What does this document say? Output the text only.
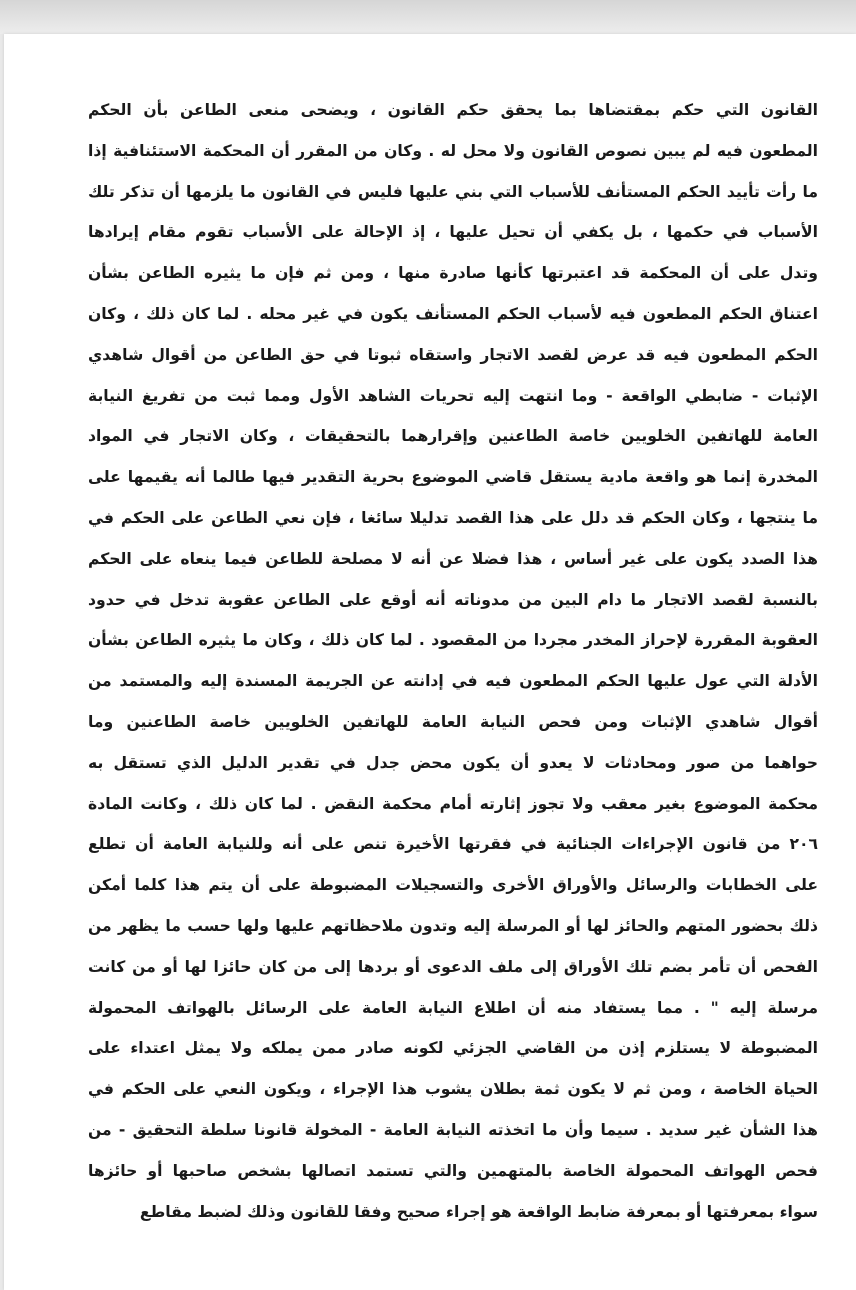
القانون التي حكم بمقتضاها بما يحقق حكم القانون ، ويضحى منعى الطاعن بأن الحكم
المطعون فيه لم يبين نصوص القانون ولا محل له . وكان من المقرر أن المحكمة الاستئنافية إذا
ما رأت تأييد الحكم المستأنف للأسباب التي بني عليها فليس في القانون ما يلزمها أن تذكر تلك
الأسباب في حكمها ، بل يكفي أن تحيل عليها ، إذ الإحالة على الأسباب تقوم مقام إيرادها
وتدل على أن المحكمة قد اعتبرتها كأنها صادرة منها ، ومن ثم فإن ما يثيره الطاعن بشأن
اعتناق الحكم المطعون فيه لأسباب الحكم المستأنف يكون في غير محله . لما كان ذلك ، وكان
الحكم المطعون فيه قد عرض لقصد الاتجار واستقاه ثبوتا في حق الطاعن من أقوال شاهدي
الإثبات - ضابطي الواقعة - وما انتهت إليه تحريات الشاهد الأول ومما ثبت من تفريغ النيابة
العامة للهاتفين الخلويين خاصة الطاعنين وإقرارهما بالتحقيقات ، وكان الاتجار في المواد
المخدرة إنما هو واقعة مادية يستقل قاضي الموضوع بحرية التقدير فيها طالما أنه يقيمها على
ما ينتجها ، وكان الحكم قد دلل على هذا القصد تدليلا سائغا ، فإن نعي الطاعن على الحكم في
هذا الصدد يكون على غير أساس ، هذا فضلا عن أنه لا مصلحة للطاعن فيما ينعاه على الحكم
بالنسبة لقصد الاتجار ما دام البين من مدوناته أنه أوقع على الطاعن عقوبة تدخل في حدود
العقوبة المقررة لإحراز المخدر مجردا من المقصود . لما كان ذلك ، وكان ما يثيره الطاعن بشأن
الأدلة التي عول عليها الحكم المطعون فيه في إدانته عن الجريمة المسندة إليه والمستمد من
أقوال شاهدي الإثبات ومن فحص النيابة العامة للهاتفين الخلويين خاصة الطاعنين وما
حواهما من صور ومحادثات لا يعدو أن يكون محض جدل في تقدير الدليل الذي تستقل به
محكمة الموضوع بغير معقب ولا تجوز إثارته أمام محكمة النقض . لما كان ذلك ، وكانت المادة
٢٠٦ من قانون الإجراءات الجنائية في فقرتها الأخيرة تنص على أنه وللنيابة العامة أن تطلع
على الخطابات والرسائل والأوراق الأخرى والتسجيلات المضبوطة على أن يتم هذا كلما أمكن
ذلك بحضور المتهم والحائز لها أو المرسلة إليه وتدون ملاحظاتهم عليها ولها حسب ما يظهر من
الفحص أن تأمر بضم تلك الأوراق إلى ملف الدعوى أو بردها إلى من كان حائزا لها أو من كانت
مرسلة إليه " . مما يستفاد منه أن اطلاع النيابة العامة على الرسائل بالهواتف المحمولة
المضبوطة لا يستلزم إذن من القاضي الجزئي لكونه صادر ممن يملكه ولا يمثل اعتداء على
الحياة الخاصة ، ومن ثم لا يكون ثمة بطلان يشوب هذا الإجراء ، ويكون النعي على الحكم في
هذا الشأن غير سديد . سيما وأن ما اتخذته النيابة العامة - المخولة قانونا سلطة التحقيق - من
فحص الهواتف المحمولة الخاصة بالمتهمين والتي تستمد اتصالها بشخص صاحبها أو حائزها
سواء بمعرفتها أو بمعرفة ضابط الواقعة هو إجراء صحيح وفقا للقانون وذلك لضبط مقاطع
